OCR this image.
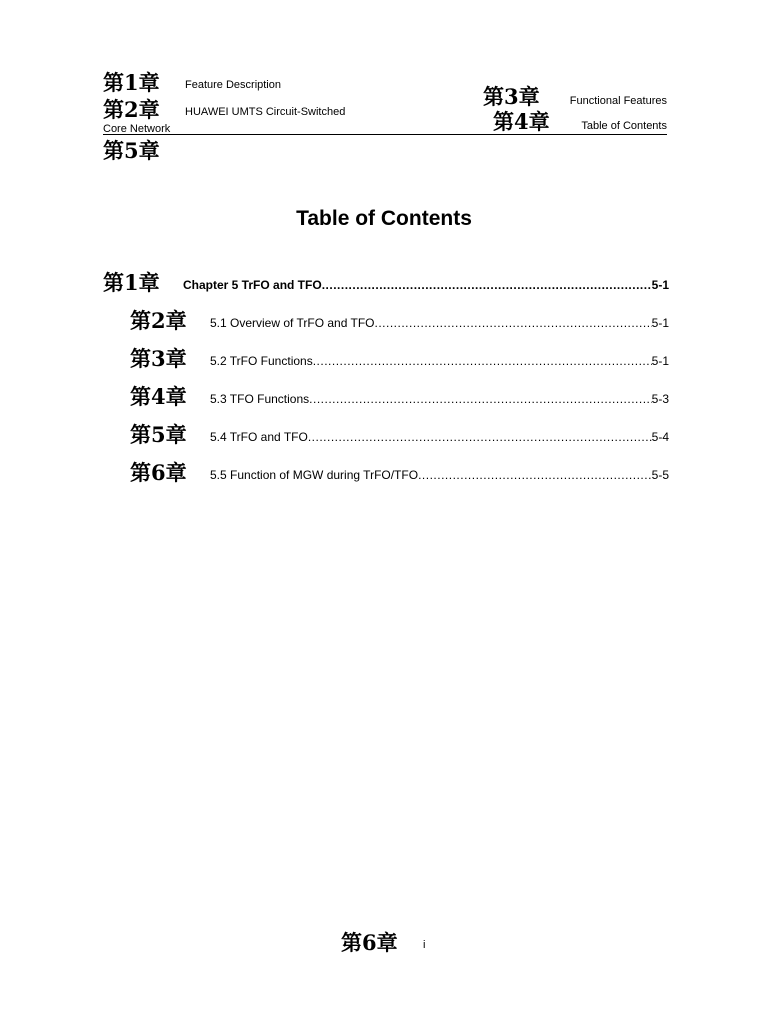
第1章 Feature Description
第2章 HUAWEI UMTS Circuit-Switched
Core Network
第3章	Functional Features
第4章	Table of Contents
第5章
Table of Contents
第1章	Chapter 5 TrFO and TFO .....	5-1
第2章	5.1 Overview of TrFO and TFO .....	5-1
第3章	5.2 TrFO Functions .....	5-1
第4章	5.3 TFO Functions .....	5-3
第5章	5.4 TrFO and TFO .....	5-4
第6章	5.5 Function of MGW during TrFO/TFO .....	5-5
第6章 i
